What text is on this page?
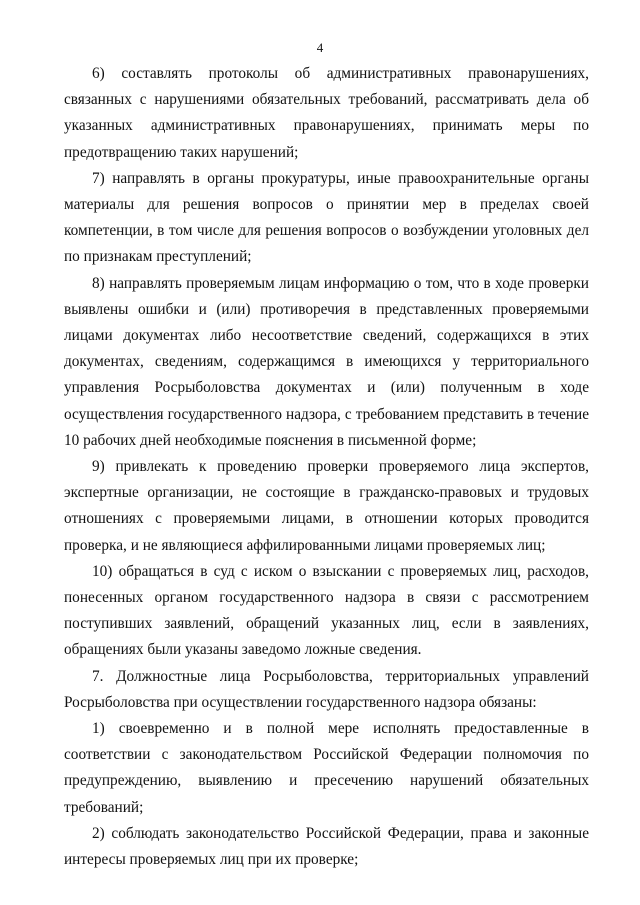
4

6) составлять протоколы об административных правонарушениях, связанных с нарушениями обязательных требований, рассматривать дела об указанных административных правонарушениях, принимать меры по предотвращению таких нарушений;

7) направлять в органы прокуратуры, иные правоохранительные органы материалы для решения вопросов о принятии мер в пределах своей компетенции, в том числе для решения вопросов о возбуждении уголовных дел по признакам преступлений;

8) направлять проверяемым лицам информацию о том, что в ходе проверки выявлены ошибки и (или) противоречия в представленных проверяемыми лицами документах либо несоответствие сведений, содержащихся в этих документах, сведениям, содержащимся в имеющихся у территориального управления Росрыболовства документах и (или) полученным в ходе осуществления государственного надзора, с требованием представить в течение 10 рабочих дней необходимые пояснения в письменной форме;

9) привлекать к проведению проверки проверяемого лица экспертов, экспертные организации, не состоящие в гражданско-правовых и трудовых отношениях с проверяемыми лицами, в отношении которых проводится проверка, и не являющиеся аффилированными лицами проверяемых лиц;

10) обращаться в суд с иском о взыскании с проверяемых лиц, расходов, понесенных органом государственного надзора в связи с рассмотрением поступивших заявлений, обращений указанных лиц, если в заявлениях, обращениях были указаны заведомо ложные сведения.

7. Должностные лица Росрыболовства, территориальных управлений Росрыболовства при осуществлении государственного надзора обязаны:

1) своевременно и в полной мере исполнять предоставленные в соответствии с законодательством Российской Федерации полномочия по предупреждению, выявлению и пресечению нарушений обязательных требований;

2) соблюдать законодательство Российской Федерации, права и законные интересы проверяемых лиц при их проверке;
